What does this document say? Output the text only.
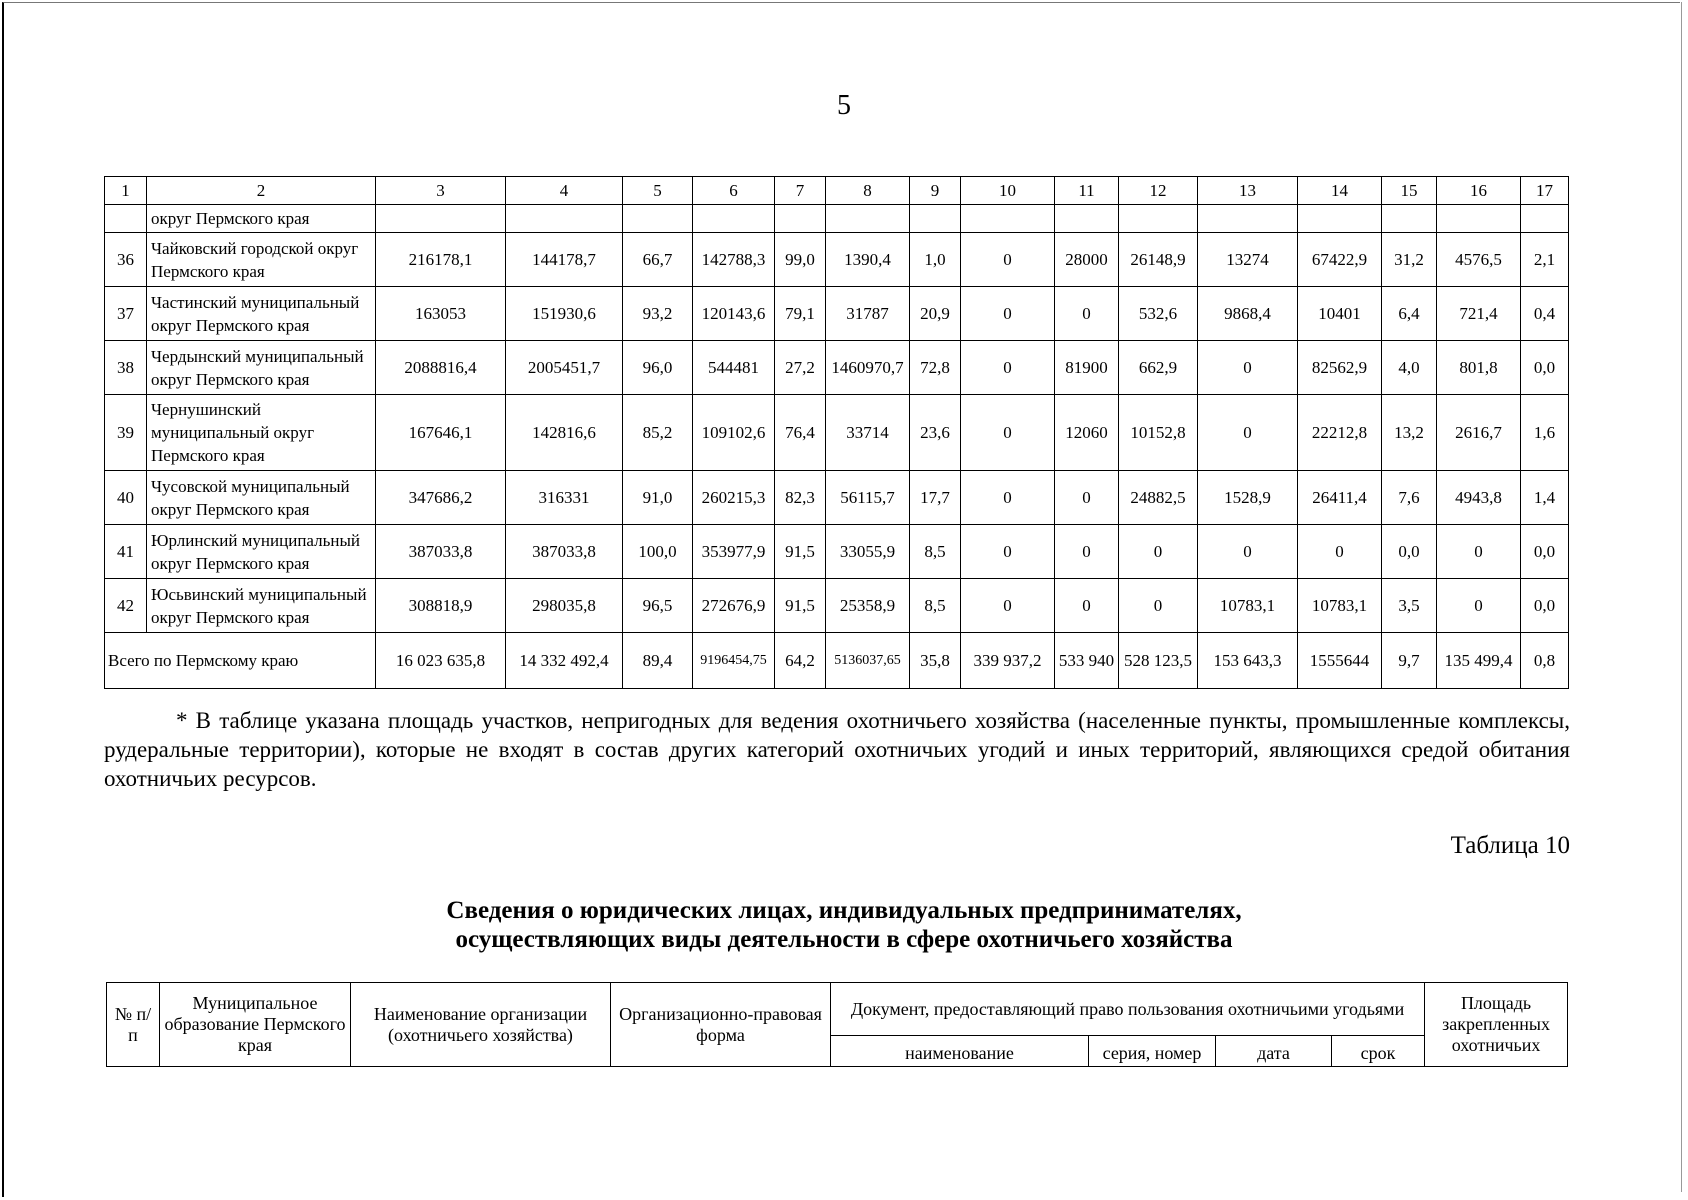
5
1	2	3	4	5	6	7	8	9	10	11	12	13	14	15	16	17
	округ Пермского края															
36	Чайковский городской округ Пермского края	216178,1	144178,7	66,7	142788,3	99,0	1390,4	1,0	0	28000	26148,9	13274	67422,9	31,2	4576,5	2,1
37	Частинский муниципальный округ Пермского края	163053	151930,6	93,2	120143,6	79,1	31787	20,9	0	0	532,6	9868,4	10401	6,4	721,4	0,4
38	Чердынский муниципальный округ Пермского края	2088816,4	2005451,7	96,0	544481	27,2	1460970,7	72,8	0	81900	662,9	0	82562,9	4,0	801,8	0,0
39	Чернушинский муниципальный округ Пермского края	167646,1	142816,6	85,2	109102,6	76,4	33714	23,6	0	12060	10152,8	0	22212,8	13,2	2616,7	1,6
40	Чусовской муниципальный округ Пермского края	347686,2	316331	91,0	260215,3	82,3	56115,7	17,7	0	0	24882,5	1528,9	26411,4	7,6	4943,8	1,4
41	Юрлинский муниципальный округ Пермского края	387033,8	387033,8	100,0	353977,9	91,5	33055,9	8,5	0	0	0	0	0	0,0	0	0,0
42	Юсьвинский муниципальный округ Пермского края	308818,9	298035,8	96,5	272676,9	91,5	25358,9	8,5	0	0	0	10783,1	10783,1	3,5	0	0,0
Всего по Пермскому краю		16 023 635,8	14 332 492,4	89,4	9196454,75	64,2	5136037,65	35,8	339 937,2	533 940	528 123,5	153 643,3	1555644	9,7	135 499,4	0,8
* В таблице указана площадь участков, непригодных для ведения охотничьего хозяйства (населенные пункты, промышленные комплексы, рудеральные территории), которые не входят в состав других категорий охотничьих угодий и иных территорий, являющихся средой обитания охотничьих ресурсов.
Таблица 10
Сведения о юридических лицах, индивидуальных предпринимателях,
осуществляющих виды деятельности в сфере охотничьего хозяйства
№ п/п	Муниципальное образование Пермского края	Наименование организации (охотничьего хозяйства)	Организационно-правовая форма	Документ, предоставляющий право пользования охотничьими угодьями				Площадь закрепленных охотничьих
				наименование	серия, номер	дата	срок	
